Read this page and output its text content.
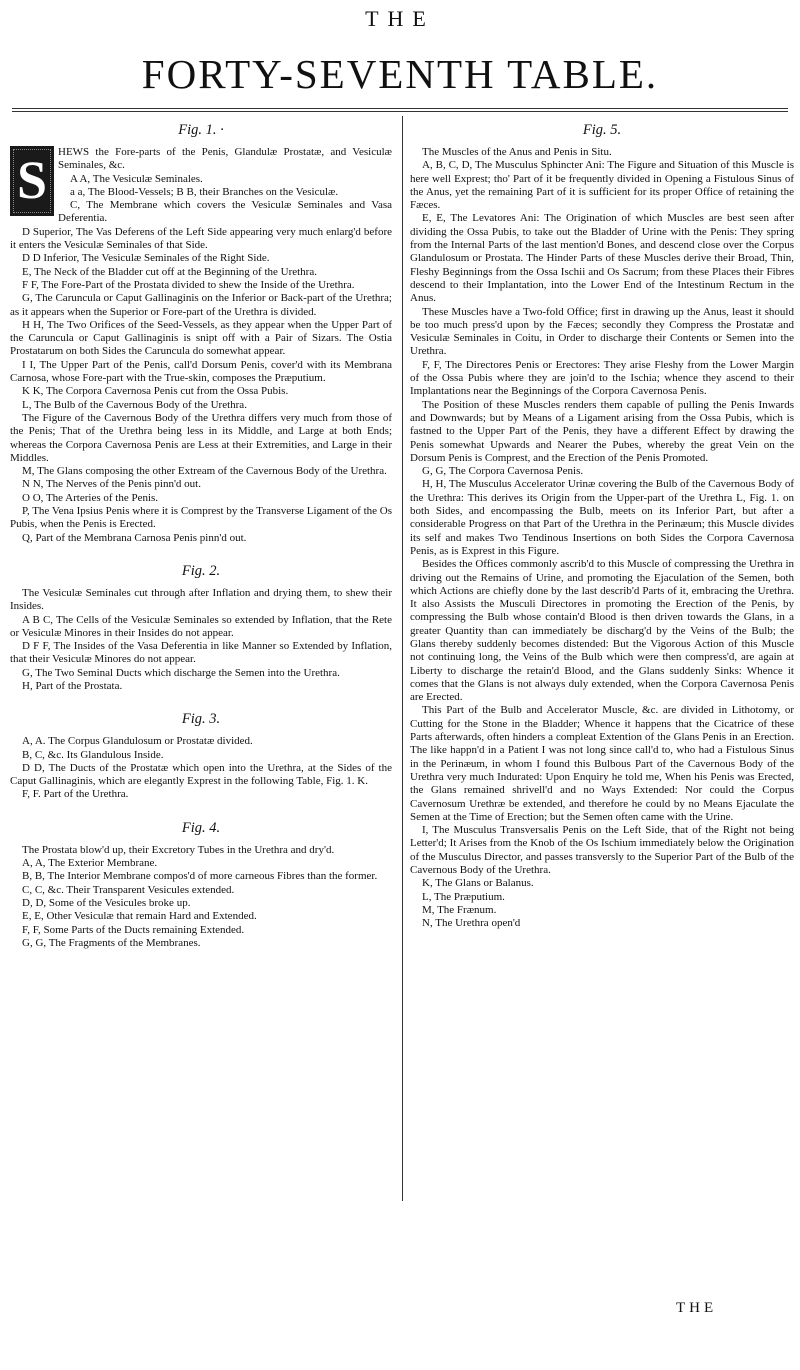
THE
FORTY-SEVENTH TABLE.
Fig. 1. ·
S HEWS the Fore-parts of the Penis, Glandulæ Prostatæ, and Vesiculæ Seminales, &c.

A A, The Vesiculæ Seminales.

a a, The Blood-Vessels; B B, their Branches on the Vesiculæ.

C, The Membrane which covers the Vesiculæ Seminales and Vasa Deferentia.

D Superior, The Vas Deferens of the Left Side appearing very much enlarg'd before it enters the Vesiculæ Seminales of that Side.

D D Inferior, The Vesiculæ Seminales of the Right Side.

E, The Neck of the Bladder cut off at the Beginning of the Urethra.

F F, The Fore-Part of the Prostata divided to shew the Inside of the Urethra.

G, The Caruncula or Caput Gallinaginis on the Inferior or Back-part of the Urethra; as it appears when the Superior or Fore-part of the Urethra is divided.

H H, The Two Orifices of the Seed-Vessels, as they appear when the Upper Part of the Caruncula or Caput Gallinaginis is snipt off with a Pair of Sizars. The Ostia Prostatarum on both Sides the Caruncula do somewhat appear.

I I, The Upper Part of the Penis, call'd Dorsum Penis, cover'd with its Membrana Carnosa, whose Fore-part with the True-skin, composes the Præputium.

K K, The Corpora Cavernosa Penis cut from the Ossa Pubis.

L, The Bulb of the Cavernous Body of the Urethra.

The Figure of the Cavernous Body of the Urethra differs very much from those of the Penis; That of the Urethra being less in its Middle, and Large at both Ends; whereas the Corpora Cavernosa Penis are Less at their Extremities, and Large in their Middles.

M, The Glans composing the other Extream of the Cavernous Body of the Urethra.

N N, The Nerves of the Penis pinn'd out.

O O, The Arteries of the Penis.

P, The Vena Ipsius Penis where it is Comprest by the Transverse Ligament of the Os Pubis, when the Penis is Erected.

Q, Part of the Membrana Carnosa Penis pinn'd out.

Fig. 2.

The Vesiculæ Seminales cut through after Inflation and drying them, to shew their Insides.

A B C, The Cells of the Vesiculæ Seminales so extended by Inflation, that the Rete or Vesiculæ Minores in their Insides do not appear.

D F F, The Insides of the Vasa Deferentia in like Manner so Extended by Inflation, that their Vesiculæ Minores do not appear.

G, The Two Seminal Ducts which discharge the Semen into the Urethra.

H, Part of the Prostata.

Fig. 3.

A, A. The Corpus Glandulosum or Prostatæ divided.

B, C, &c. Its Glandulous Inside.

D D, The Ducts of the Prostatæ which open into the Urethra, at the Sides of the Caput Gallinaginis, which are elegantly Exprest in the following Table, Fig. 1. K.

F, F. Part of the Urethra.

Fig. 4.

The Prostata blow'd up, their Excretory Tubes in the Urethra and dry'd.

A, A, The Exterior Membrane.

B, B, The Interior Membrane compos'd of more carneous Fibres than the former.

C, C, &c. Their Transparent Vesicules extended.

D, D, Some of the Vesicules broke up.

E, E, Other Vesiculæ that remain Hard and Extended.

F, F, Some Parts of the Ducts remaining Extended.

G, G, The Fragments of the Membranes.

Fig. 5.

The Muscles of the Anus and Penis in Situ.

A, B, C, D, The Musculus Sphincter Ani: The Figure and Situation of this Muscle is here well Exprest; tho' Part of it be frequently divided in Opening a Fistulous Sinus of the Anus, yet the remaining Part of it is sufficient for its proper Office of retaining the Fæces.

E, E, The Levatores Ani: The Origination of which Muscles are best seen after dividing the Ossa Pubis, to take out the Bladder of Urine with the Penis: They spring from the Internal Parts of the last mention'd Bones, and descend close over the Corpus Glandulosum or Prostata. The Hinder Parts of these Muscles derive their Broad, Thin, Fleshy Beginnings from the Ossa Ischii and Os Sacrum; from these Places their Fibres descend to their Implantation, into the Lower End of the Intestinum Rectum in the Anus.

These Muscles have a Two-fold Office; first in drawing up the Anus, least it should be too much press'd upon by the Fæces; secondly they Compress the Prostatæ and Vesiculæ Seminales in Coitu, in Order to discharge their Contents or Semen into the Urethra.

F, F, The Directores Penis or Erectores: They arise Fleshy from the Lower Margin of the Ossa Pubis where they are join'd to the Ischia; whence they ascend to their Implantations near the Beginnings of the Corpora Cavernosa Penis.

The Position of these Muscles renders them capable of pulling the Penis Inwards and Downwards; but by Means of a Ligament arising from the Ossa Pubis, which is fastned to the Upper Part of the Penis, they have a different Effect by drawing the Penis somewhat Upwards and Nearer the Pubes, whereby the great Vein on the Dorsum Penis is Comprest, and the Erection of the Penis Promoted.

G, G, The Corpora Cavernosa Penis.

H, H, The Musculus Accelerator Urinæ covering the Bulb of the Cavernous Body of the Urethra: This derives its Origin from the Upper-part of the Urethra L, Fig. 1. on both Sides, and encompassing the Bulb, meets on its Inferior Part, but after a considerable Progress on that Part of the Urethra in the Perinæum; this Muscle divides its self and makes Two Tendinous Insertions on both Sides the Corpora Cavernosa Penis, as is Exprest in this Figure.

Besides the Offices commonly ascrib'd to this Muscle of compressing the Urethra in driving out the Remains of Urine, and promoting the Ejaculation of the Semen, both which Actions are chiefly done by the last describ'd Parts of it, embracing the Urethra. It also Assists the Musculi Directores in promoting the Erection of the Penis, by compressing the Bulb whose contain'd Blood is then driven towards the Glans, in a greater Quantity than can immediately be discharg'd by the Veins of the Bulb; the Glans thereby suddenly becomes distended: But the Vigorous Action of this Muscle not continuing long, the Veins of the Bulb which were then compress'd, are again at Liberty to discharge the retain'd Blood, and the Glans suddenly Sinks: Whence it comes that the Glans is not always duly extended, when the Corpora Cavernosa Penis are Erected.

This Part of the Bulb and Accelerator Muscle, &c. are divided in Lithotomy, or Cutting for the Stone in the Bladder; Whence it happens that the Cicatrice of these Parts afterwards, often hinders a compleat Extention of the Glans Penis in an Erection. The like happn'd in a Patient I was not long since call'd to, who had a Fistulous Sinus in the Perinæum, in whom I found this Bulbous Part of the Cavernous Body of the Urethra very much Indurated: Upon Enquiry he told me, When his Penis was Erected, the Glans remained shrivell'd and no Ways Extended: Nor could the Corpus Cavernosum Urethræ be extended, and therefore he could by no Means Ejaculate the Semen at the Time of Erection; but the Semen often came with the Urine.

I, The Musculus Transversalis Penis on the Left Side, that of the Right not being Letter'd; It Arises from the Knob of the Os Ischium immediately below the Origination of the Musculus Director, and passes transversly to the Superior Part of the Bulb of the Cavernous Body of the Urethra.

K, The Glans or Balanus.

L, The Præputium.

M, The Frænum.

N, The Urethra open'd

THE
